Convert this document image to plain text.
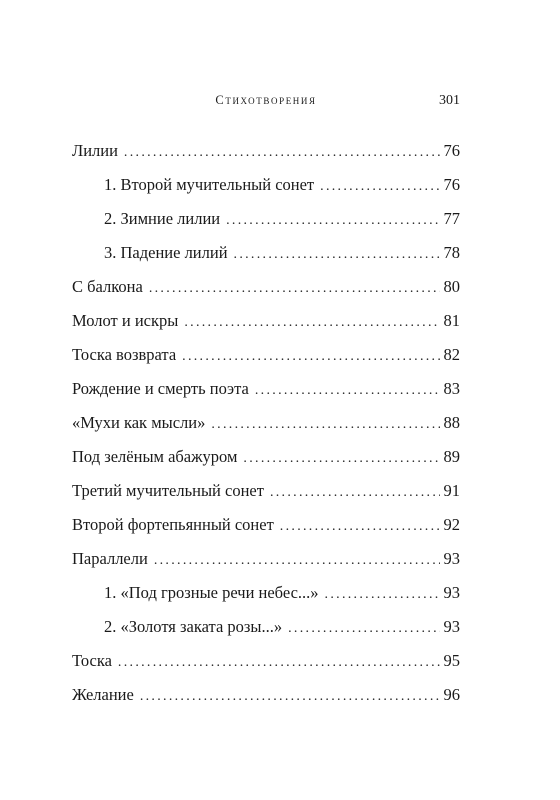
Стихотворения	301
Лилии . . .	76
1. Второй мучительный сонет . . .	76
2. Зимние лилии . . .	77
3. Падение лилий . . .	78
С балкона . . .	80
Молот и искры . . .	81
Тоска возврата . . .	82
Рождение и смерть поэта . . .	83
«Мухи как мысли» . . .	88
Под зелёным абажуром . . .	89
Третий мучительный сонет . . .	91
Второй фортепьянный сонет . . .	92
Параллели . . .	93
1. «Под грозные речи небес...» . . .	93
2. «Золотя заката розы...» . . .	93
Тоска . . .	95
Желание . . .	96
